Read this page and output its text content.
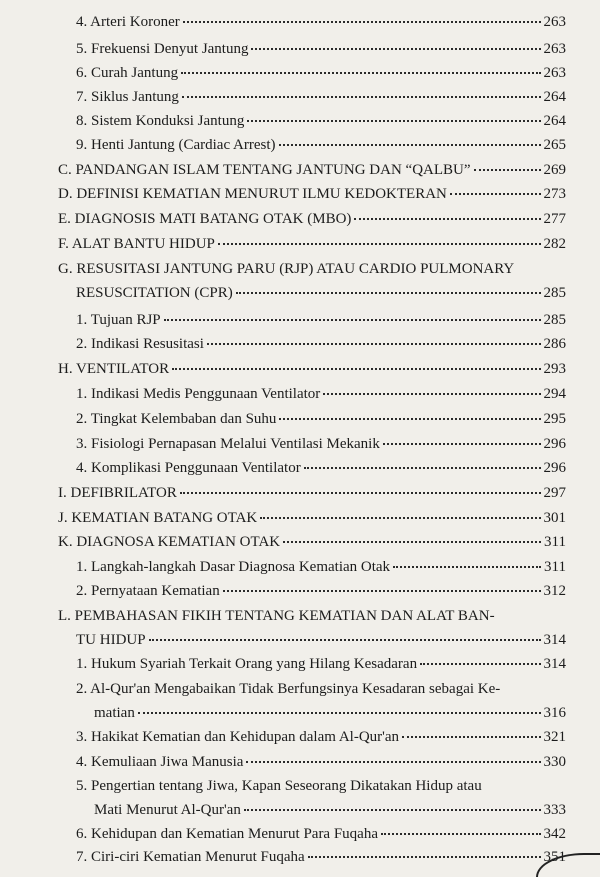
4. Arteri Koroner	263
5. Frekuensi Denyut Jantung	263
6. Curah Jantung	263
7. Siklus Jantung	264
8. Sistem Konduksi Jantung	264
9. Henti Jantung (Cardiac Arrest)	265
C. PANDANGAN ISLAM TENTANG JANTUNG DAN “QALBU”	269
D. DEFINISI KEMATIAN MENURUT ILMU KEDOKTERAN	273
E. DIAGNOSIS MATI BATANG OTAK (MBO)	277
F. ALAT BANTU HIDUP	282
G. RESUSITASI JANTUNG PARU (RJP) ATAU CARDIO PULMONARY
RESUSCITATION (CPR)	285
1. Tujuan RJP	285
2. Indikasi Resusitasi	286
H. VENTILATOR	293
1. Indikasi Medis Penggunaan Ventilator	294
2. Tingkat Kelembaban dan Suhu	295
3. Fisiologi Pernapasan Melalui Ventilasi Mekanik	296
4. Komplikasi Penggunaan Ventilator	296
I. DEFIBRILATOR	297
J. KEMATIAN BATANG OTAK	301
K. DIAGNOSA KEMATIAN OTAK	311
1. Langkah-langkah Dasar Diagnosa Kematian Otak	311
2. Pernyataan Kematian	312
L. PEMBAHASAN FIKIH TENTANG KEMATIAN DAN ALAT BAN-
TU HIDUP	314
1. Hukum Syariah Terkait Orang yang Hilang Kesadaran	314
2. Al-Qur'an Mengabaikan Tidak Berfungsinya Kesadaran sebagai Ke-
matian	316
3. Hakikat Kematian dan Kehidupan dalam Al-Qur'an	321
4. Kemuliaan Jiwa Manusia	330
5. Pengertian tentang Jiwa, Kapan Seseorang Dikatakan Hidup atau
Mati Menurut Al-Qur'an	333
6. Kehidupan dan Kematian Menurut Para Fuqaha	342
7. Ciri-ciri Kematian Menurut Fuqaha	351
